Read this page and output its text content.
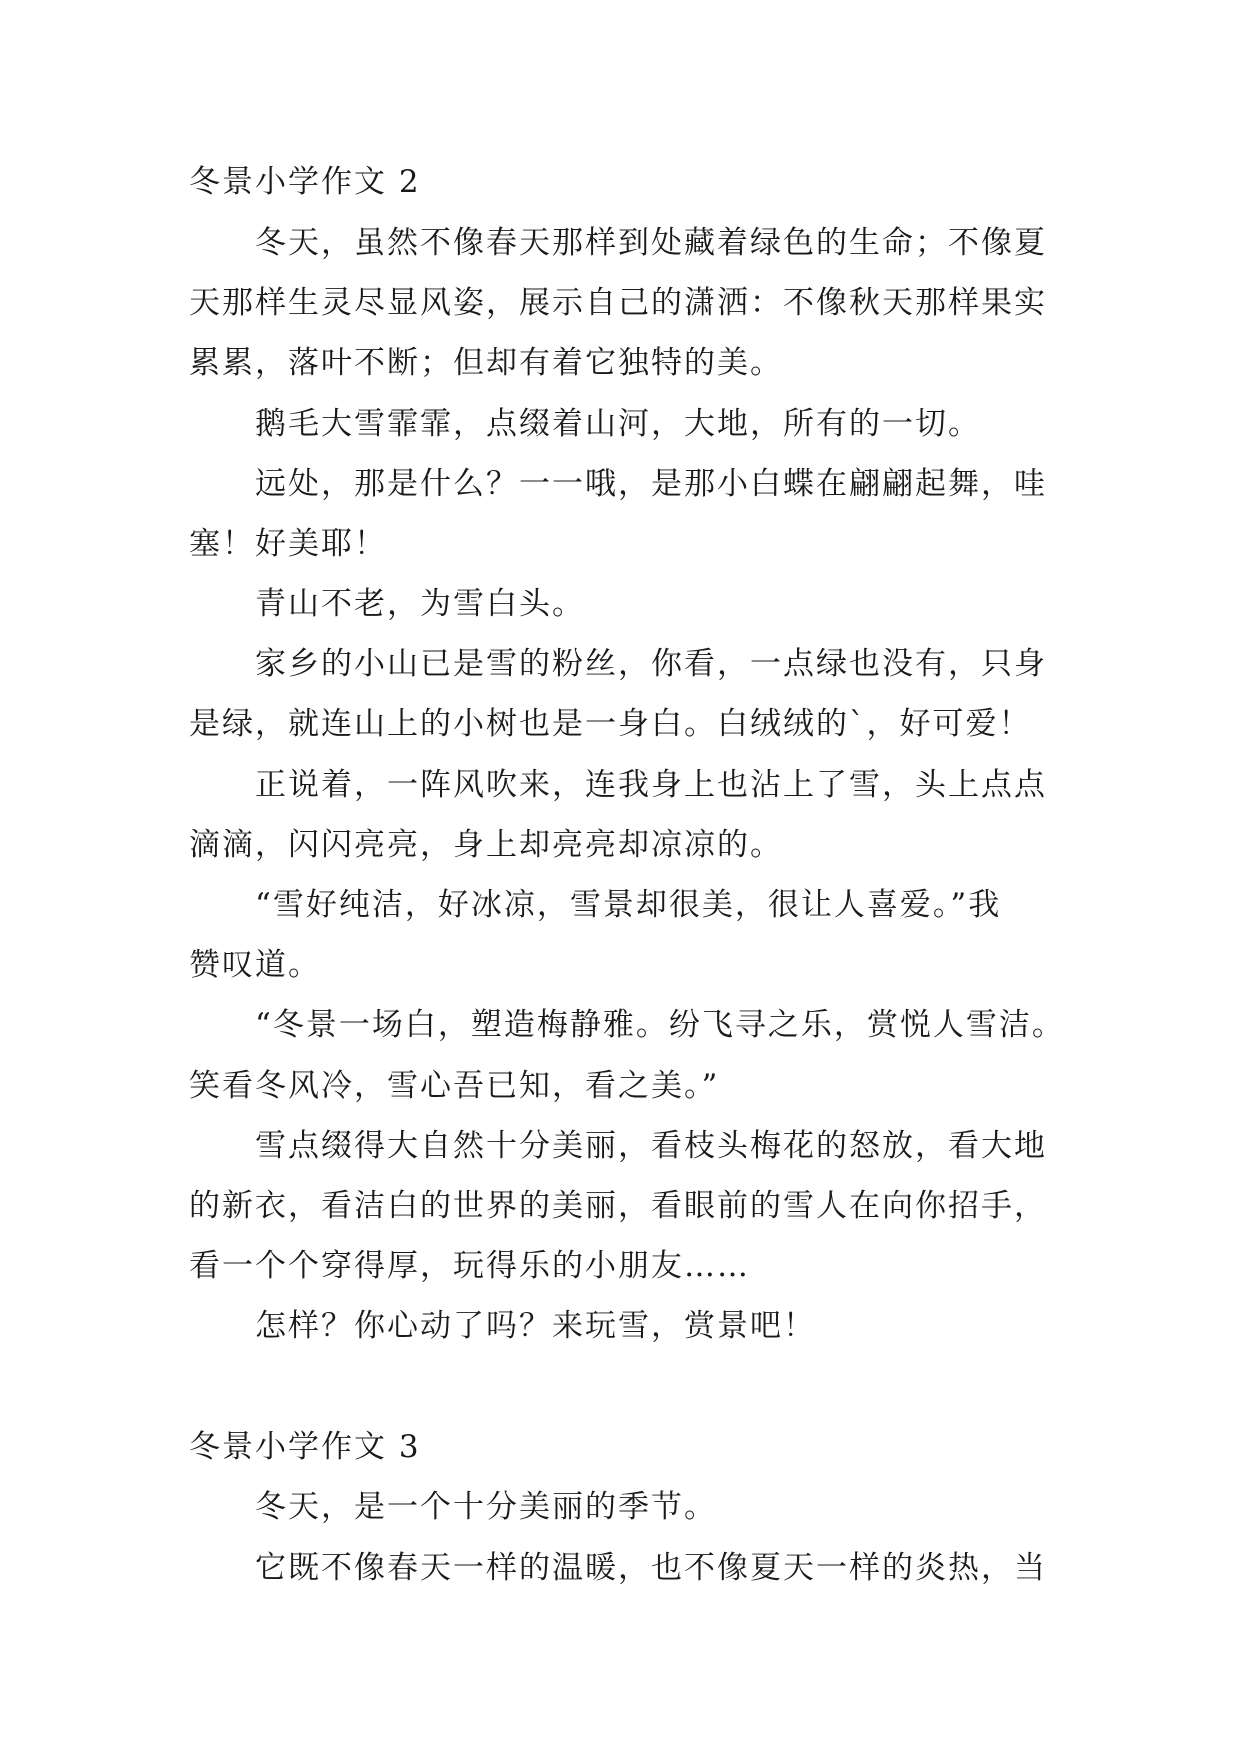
冬景小学作文 2
冬天，虽然不像春天那样到处藏着绿色的生命；不像夏
天那样生灵尽显风姿，展示自己的潇洒：不像秋天那样果实
累累，落叶不断；但却有着它独特的美。
鹅毛大雪霏霏，点缀着山河，大地，所有的一切。
远处，那是什么？一一哦，是那小白蝶在翩翩起舞，哇
塞！好美耶！
青山不老，为雪白头。
家乡的小山已是雪的粉丝，你看，一点绿也没有，只身
是绿，就连山上的小树也是一身白。白绒绒的`，好可爱！
正说着，一阵风吹来，连我身上也沾上了雪，头上点点
滴滴，闪闪亮亮，身上却亮亮却凉凉的。
“雪好纯洁，好冰凉，雪景却很美，很让人喜爱。”我
赞叹道。
“冬景一场白，塑造梅静雅。纷飞寻之乐，赏悦人雪洁。
笑看冬风冷，雪心吾已知，看之美。”
雪点缀得大自然十分美丽，看枝头梅花的怒放，看大地
的新衣，看洁白的世界的美丽，看眼前的雪人在向你招手，
看一个个穿得厚，玩得乐的小朋友……
怎样？你心动了吗？来玩雪，赏景吧！
冬景小学作文 3
冬天，是一个十分美丽的季节。
它既不像春天一样的温暖，也不像夏天一样的炎热，当
